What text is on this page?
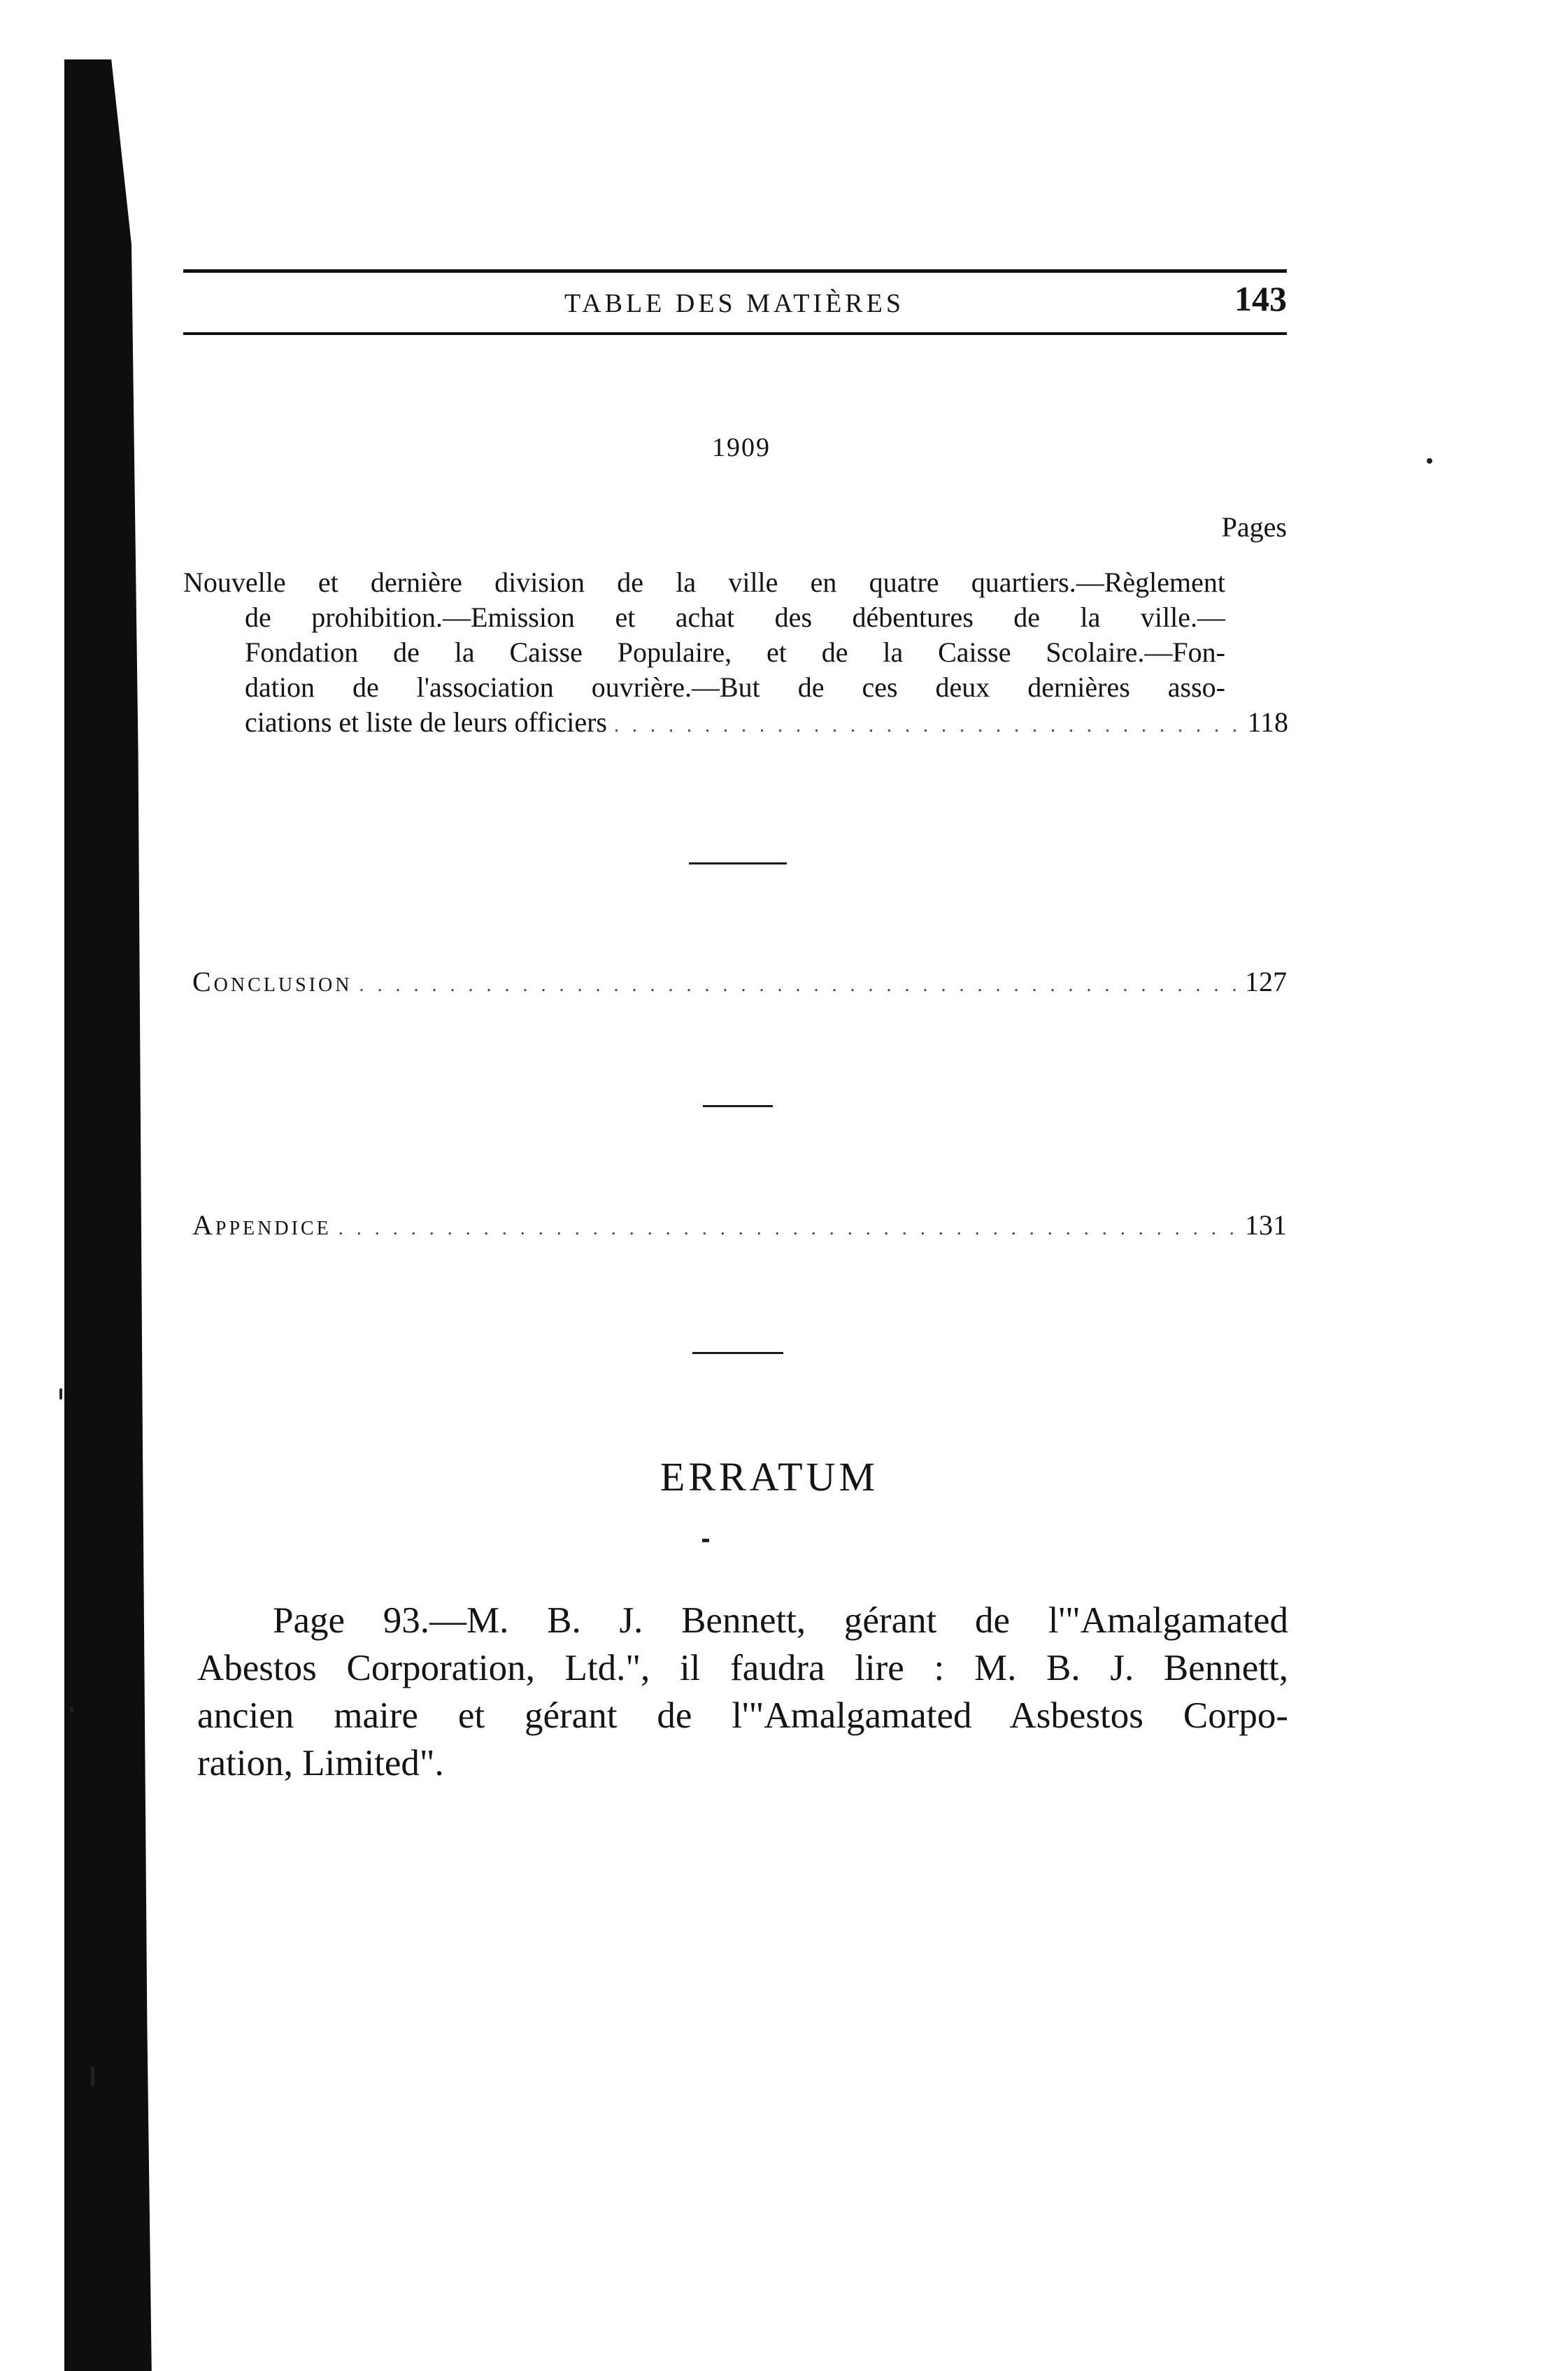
TABLE DES MATIÈRES	143
1909
Pages
Nouvelle et dernière division de la ville en quatre quartiers.—Règlement
de prohibition.—Emission et achat des débentures de la ville.—
Fondation de la Caisse Populaire, et de la Caisse Scolaire.—Fon-
dation de l'association ouvrière.—But de ces deux dernières asso-
ciations et liste de leurs officiers . . .	118
Conclusion . . .	127
Appendice . . .	131
ERRATUM
Page 93.—M. B. J. Bennett, gérant de l'"Amalgamated
Abestos Corporation, Ltd.", il faudra lire : M. B. J. Bennett,
ancien maire et gérant de l'"Amalgamated Asbestos Corpo-
ration, Limited".
